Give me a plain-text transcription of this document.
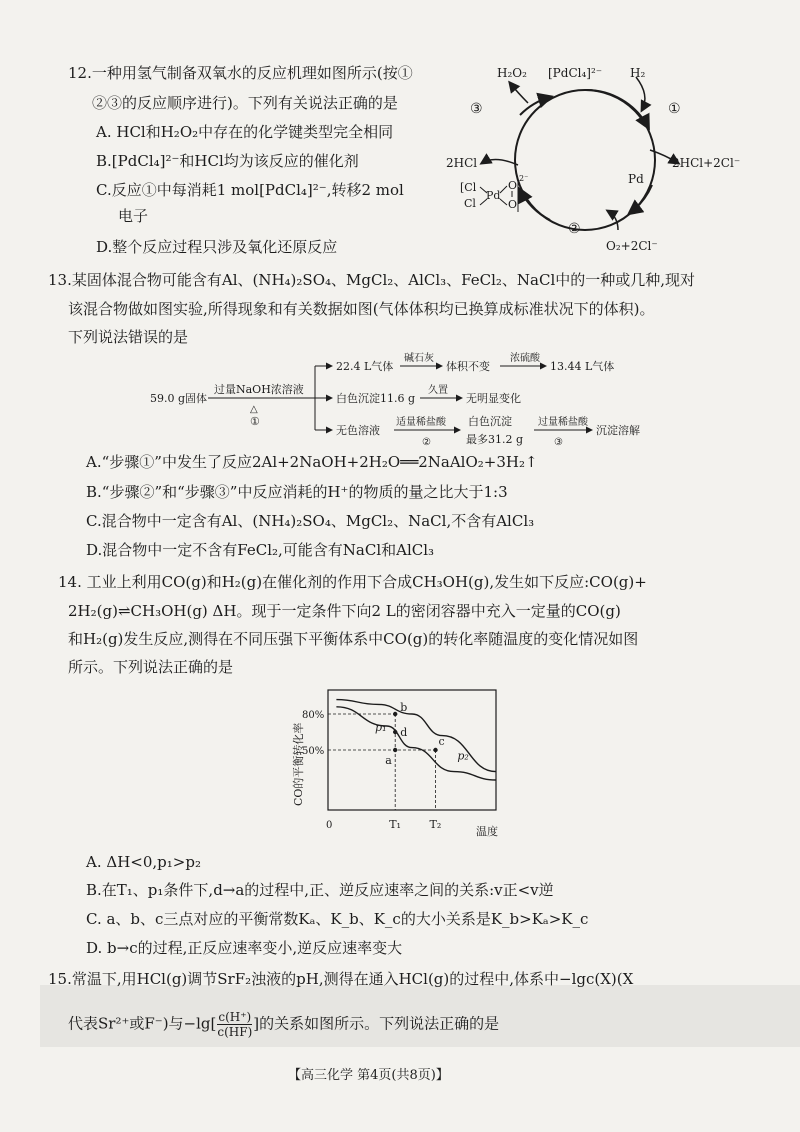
12.一种用氢气制备双氧水的反应机理如图所示(按①
②③的反应顺序进行)。下列有关说法正确的是
A. HCl和H₂O₂中存在的化学键类型完全相同
B.[PdCl₄]²⁻和HCl均为该反应的催化剂
C.反应①中每消耗1 mol[PdCl₄]²⁻,转移2 mol
电子
D.整个反应过程只涉及氧化还原反应
H₂O₂ [PdCl₄]²⁻ H₂
①
2HCl+2Cl⁻
③
2HCl
Pd
②
O₂+2Cl⁻
[Cl
Cl
Pd
O
O
2⁻
13.某固体混合物可能含有Al、(NH₄)₂SO₄、MgCl₂、AlCl₃、FeCl₂、NaCl中的一种或几种,现对
该混合物做如图实验,所得现象和有关数据如图(气体体积均已换算成标准状况下的体积)。
下列说法错误的是
59.0 g固体
过量NaOH浓溶液
△
①
22.4 L气体
碱石灰
体积不变
浓硫酸
13.44 L气体
白色沉淀11.6 g
久置
无明显变化
无色溶液
适量稀盐酸
②
白色沉淀
最多31.2 g
过量稀盐酸
③
沉淀溶解
A.“步骤①”中发生了反应2Al+2NaOH+2H₂O══2NaAlO₂+3H₂↑
B.“步骤②”和“步骤③”中反应消耗的H⁺的物质的量之比大于1:3
C.混合物中一定含有Al、(NH₄)₂SO₄、MgCl₂、NaCl,不含有AlCl₃
D.混合物中一定不含有FeCl₂,可能含有NaCl和AlCl₃
14. 工业上利用CO(g)和H₂(g)在催化剂的作用下合成CH₃OH(g),发生如下反应:CO(g)+
2H₂(g)⇌CH₃OH(g) ΔH。现于一定条件下向2 L的密闭容器中充入一定量的CO(g)
和H₂(g)发生反应,测得在不同压强下平衡体系中CO(g)的转化率随温度的变化情况如图
所示。下列说法正确的是
0	温度
CO的平衡转化率
50%
80%
T₁	T₂
b
d
a
c
p₁
p₂
A. ΔH<0,p₁>p₂
B.在T₁、p₁条件下,d→a的过程中,正、逆反应速率之间的关系:v正<v逆
C. a、b、c三点对应的平衡常数Kₐ、K_b、K_c的大小关系是K_b>Kₐ>K_c
D. b→c的过程,正反应速率变小,逆反应速率变大
15.常温下,用HCl(g)调节SrF₂浊液的pH,测得在通入HCl(g)的过程中,体系中−lgc(X)(X
代表Sr²⁺或F⁻)与$-\lg[ \frac{c(H^+)}{c(HF)}$ ]的关系如图所示。下列说法正确的是
【高三化学 第4页(共8页)】
